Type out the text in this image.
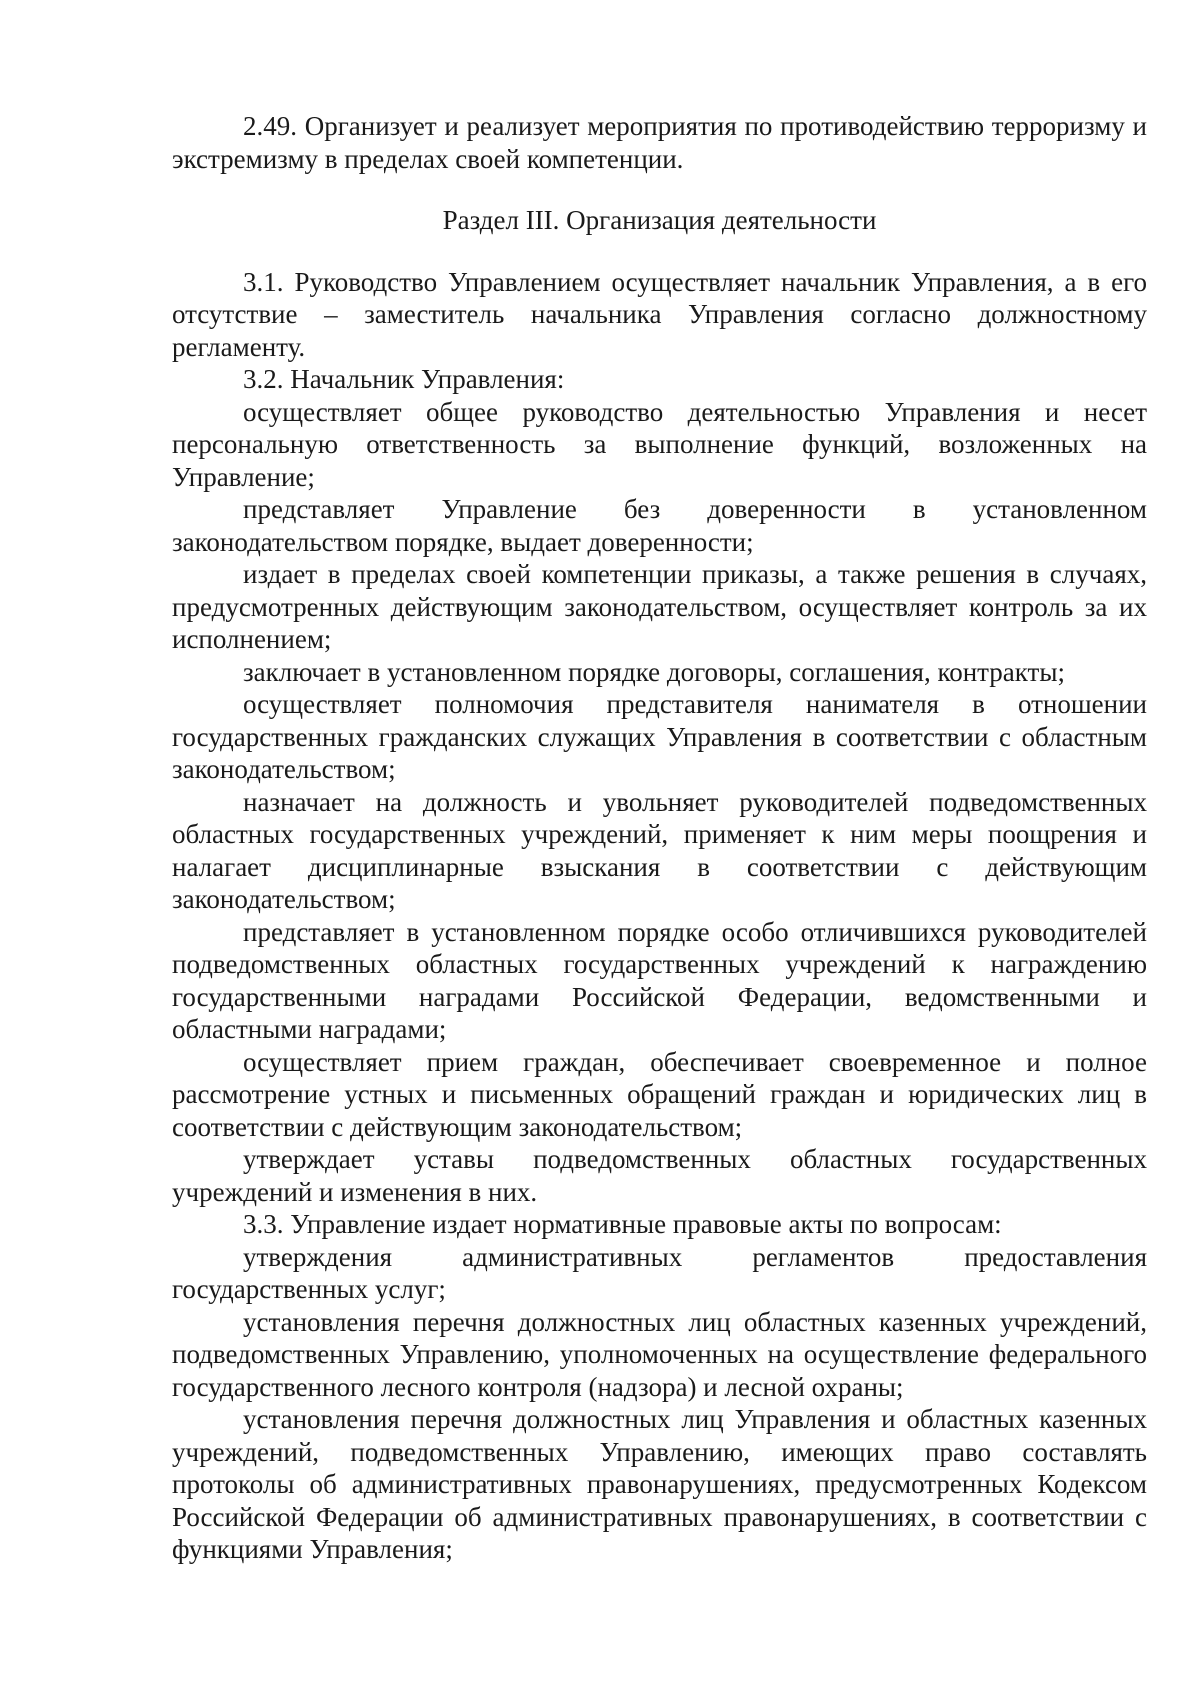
2.49. Организует и реализует мероприятия по противодействию терроризму и экстремизму в пределах своей компетенции.

Раздел III. Организация деятельности

3.1. Руководство Управлением осуществляет начальник Управления, а в его отсутствие – заместитель начальника Управления согласно должностному регламенту.

3.2. Начальник Управления:

осуществляет общее руководство деятельностью Управления и несет персональную ответственность за выполнение функций, возложенных на Управление;

представляет Управление без доверенности в установленном законодательством порядке, выдает доверенности;

издает в пределах своей компетенции приказы, а также решения в случаях, предусмотренных действующим законодательством, осуществляет контроль за их исполнением;

заключает в установленном порядке договоры, соглашения, контракты;

осуществляет полномочия представителя нанимателя в отношении государственных гражданских служащих Управления в соответствии с областным законодательством;

назначает на должность и увольняет руководителей подведомственных областных государственных учреждений, применяет к ним меры поощрения и налагает дисциплинарные взыскания в соответствии с действующим законодательством;

представляет в установленном порядке особо отличившихся руководителей подведомственных областных государственных учреждений к награждению государственными наградами Российской Федерации, ведомственными и областными наградами;

осуществляет прием граждан, обеспечивает своевременное и полное рассмотрение устных и письменных обращений граждан и юридических лиц в соответствии с действующим законодательством;

утверждает уставы подведомственных областных государственных учреждений и изменения в них.

3.3. Управление издает нормативные правовые акты по вопросам:

утверждения административных регламентов предоставления государственных услуг;

установления перечня должностных лиц областных казенных учреждений, подведомственных Управлению, уполномоченных на осуществление федерального государственного лесного контроля (надзора) и лесной охраны;

установления перечня должностных лиц Управления и областных казенных учреждений, подведомственных Управлению, имеющих право составлять протоколы об административных правонарушениях, предусмотренных Кодексом Российской Федерации об административных правонарушениях, в соответствии с функциями Управления;
